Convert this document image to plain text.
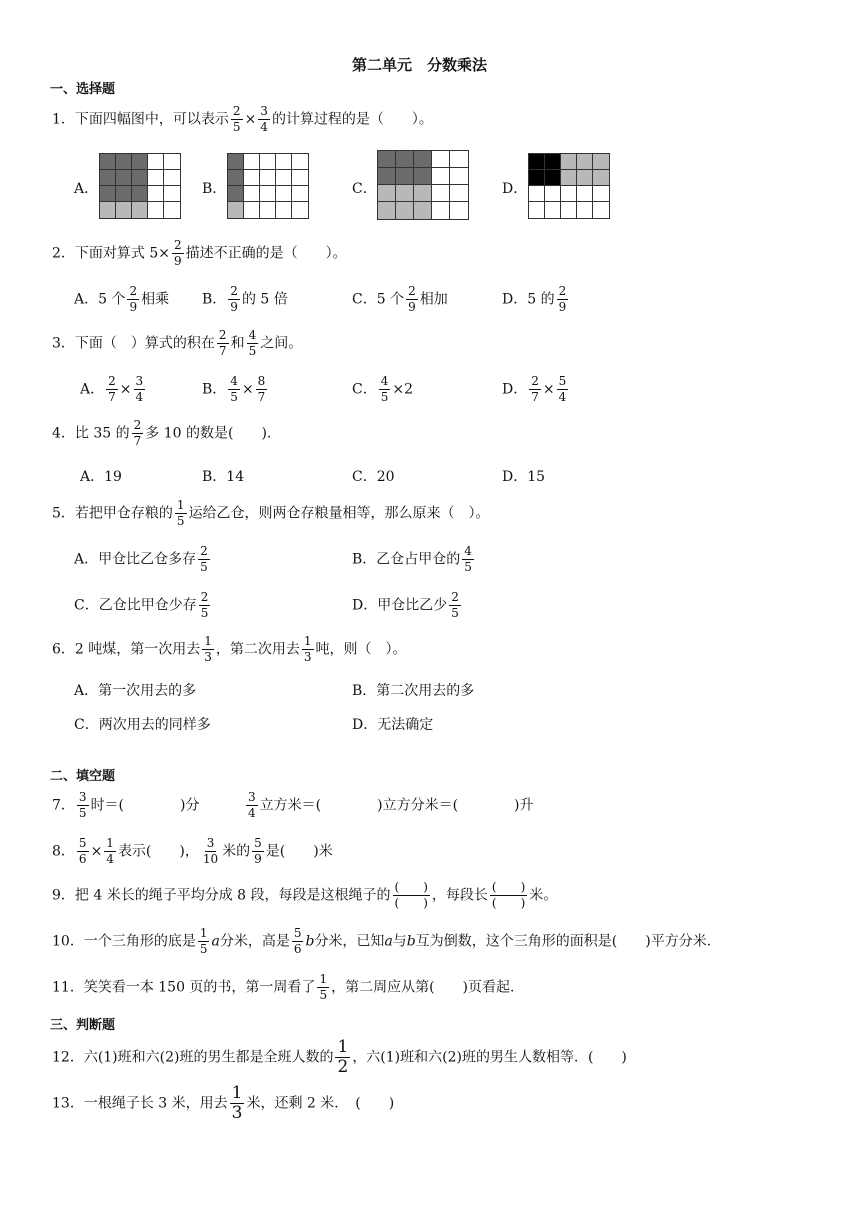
第二单元　分数乘法
一、选择题
1．下面四幅图中，可以表示 $\frac{2}{5} \times \frac{3}{4}$ 的计算过程的是（　　）。
A．	B．	C．	D．
2．下面对算式 $5\times \frac{2}{9}$ 描述不正确的是（　　）。
A．5 个 $\frac{2}{9}$ 相乘 B． $\frac{2}{9}$ 的 5 倍	C．5 个 $\frac{2}{9}$ 相加	D．5 的 $\frac{2}{9}$
3．下面（　）算式的积在 $\frac{2}{7}$ 和 $\frac{4}{5}$ 之间。
A． $\frac{2}{7} \times \frac{3}{4}$	B． $\frac{4}{5} \times \frac{8}{7}$	C． $\frac{4}{5} \times 2$	D． $\frac{2}{7} \times \frac{5}{4}$
4．比 35 的 $\frac{2}{7}$ 多 10 的数是(　　).
A．19	B．14	C．20	D．15
5．若把甲仓存粮的 $\frac{1}{5}$ 运给乙仓，则两仓存粮量相等，那么原来（　）。
A．甲仓比乙仓多存 $\frac{2}{5}$	B．乙仓占甲仓的 $\frac{4}{5}$
C．乙仓比甲仓少存 $\frac{2}{5}$	D．甲仓比乙少 $\frac{2}{5}$
6．2 吨煤，第一次用去 $\frac{1}{3}$ ，第二次用去 $\frac{1}{3}$ 吨，则（　）。
A．第一次用去的多	B．第二次用去的多
C．两次用去的同样多	D．无法确定
二、填空题
7． $\frac{3}{5}$ 时＝(　　　　)分	$\frac{3}{4}$ 立方米＝(　　　　)立方分米＝(　　　　)升
8． $\frac{5}{6} \times \frac{1}{4}$ 表示(　　)， $\frac{3}{10}$ 米的 $\frac{5}{9}$ 是(　　)米
9．把 4 米长的绳子平均分成 8 段，每段是这根绳子的 $\frac{( )}{( )}$ ，每段长 $\frac{( )}{( )}$ 米。
10．一个三角形的底是 $\frac{1}{5}$ a分米，高是 $\frac{5}{6}$ b分米，已知a与b互为倒数，这个三角形的面积是(　　)平方分米.
11．笑笑看一本 150 页的书，第一周看了 $\frac{1}{5}$ ，第二周应从第(　　)页看起.
三、判断题
12．六(1)班和六(2)班的男生都是全班人数的 $\frac{1}{2}$ ，六(1)班和六(2)班的男生人数相等．(　　)
13．一根绳子长 3 米，用去 $\frac{1}{3}$ 米，还剩 2 米．　(　　)
